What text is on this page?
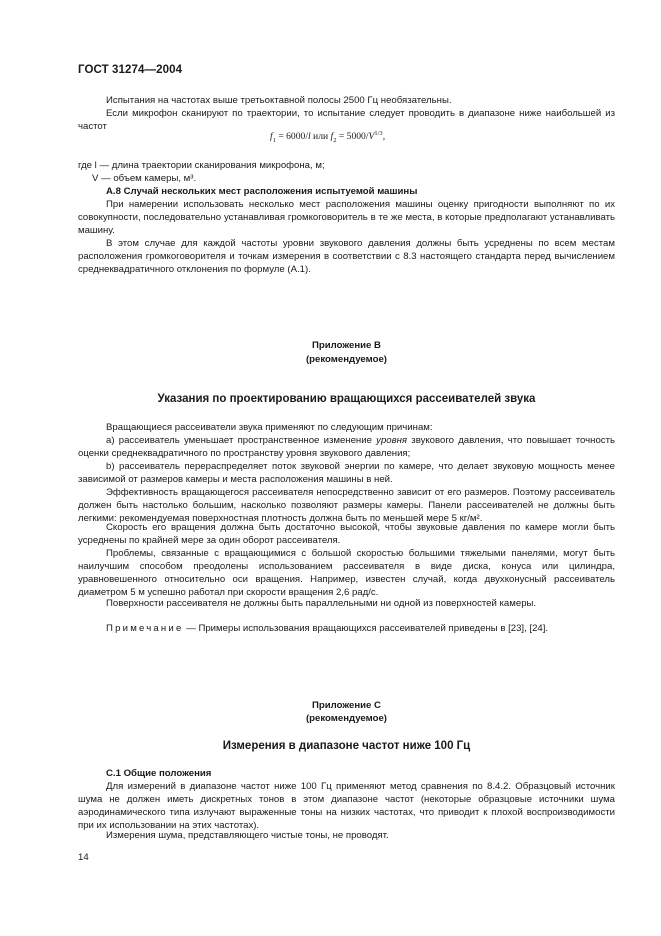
ГОСТ 31274—2004

Испытания на частотах выше третьоктавной полосы 2500 Гц необязательны.

Если микрофон сканируют по траектории, то испытание следует проводить в диапазоне ниже наибольшей из частот

$f_1 = 6000/l$ или $f_2 = 5000/V^{1/3}$,

где l — длина траектории сканирования микрофона, м;

V — объем камеры, м³.

А.8 Случай нескольких мест расположения испытуемой машины

При намерении использовать несколько мест расположения машины оценку пригодности выполняют по их совокупности, последовательно устанавливая громкоговоритель в те же места, в которые предполагают устанавливать машину.

В этом случае для каждой частоты уровни звукового давления должны быть усреднены по всем местам расположения громкоговорителя и точкам измерения в соответствии с 8.3 настоящего стандарта перед вычислением среднеквадратичного отклонения по формуле (А.1).

Приложение В
(рекомендуемое)
Указания по проектированию вращающихся рассеивателей звука

Вращающиеся рассеиватели звука применяют по следующим причинам:

а) рассеиватель уменьшает пространственное изменение уровня звукового давления, что повышает точность оценки среднеквадратичного по пространству уровня звукового давления;

b) рассеиватель перераспределяет поток звуковой энергии по камере, что делает звуковую мощность менее зависимой от размеров камеры и места расположения машины в ней.

Эффективность вращающегося рассеивателя непосредственно зависит от его размеров. Поэтому рассеиватель должен быть настолько большим, насколько позволяют размеры камеры. Панели рассеивателей не должны быть легкими: рекомендуемая поверхностная плотность должна быть по меньшей мере 5 кг/м².

Скорость его вращения должна быть достаточно высокой, чтобы звуковые давления по камере могли быть усреднены по крайней мере за один оборот рассеивателя.

Проблемы, связанные с вращающимися с большой скоростью большими тяжелыми панелями, могут быть наилучшим способом преодолены использованием рассеивателя в виде диска, конуса или цилиндра, уравновешенного относительно оси вращения. Например, известен случай, когда двухконусный рассеиватель диаметром 5 м успешно работал при скорости вращения 2,6 рад/с.

Поверхности рассеивателя не должны быть параллельными ни одной из поверхностей камеры.

Примечание — Примеры использования вращающихся рассеивателей приведены в [23], [24].

Приложение С
(рекомендуемое)
Измерения в диапазоне частот ниже 100 Гц

С.1 Общие положения

Для измерений в диапазоне частот ниже 100 Гц применяют метод сравнения по 8.4.2. Образцовый источник шума не должен иметь дискретных тонов в этом диапазоне частот (некоторые образцовые источники шума аэродинамического типа излучают выраженные тоны на низких частотах, что приводит к плохой воспроизводимости при их использовании на этих частотах).

Измерения шума, представляющего чистые тоны, не проводят.

14
